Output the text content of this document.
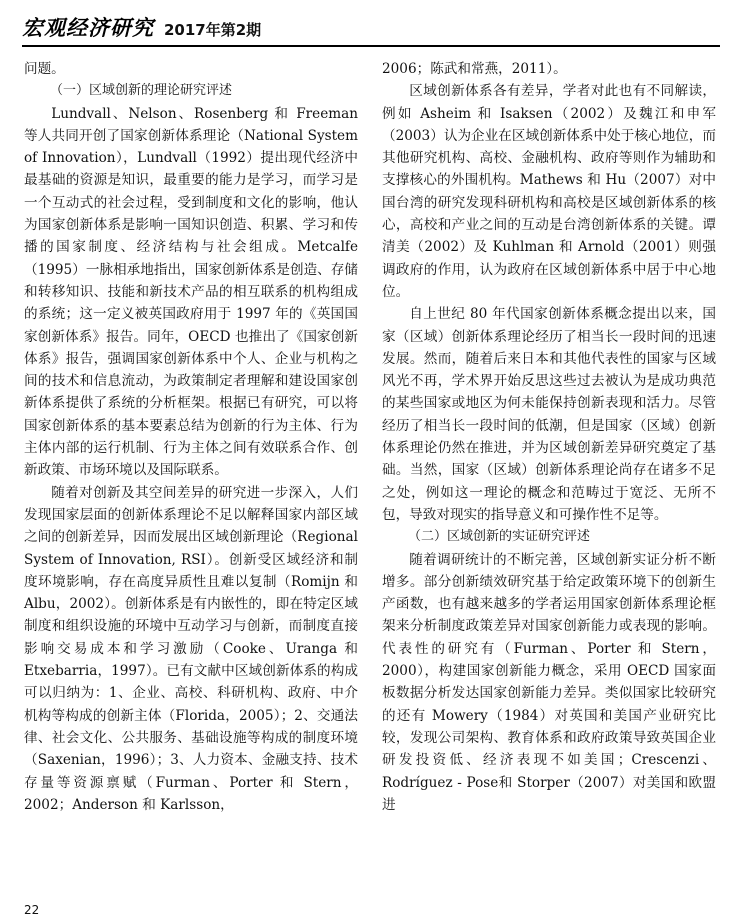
宏观经济研究 2017年第2期

问题。

（一）区域创新的理论研究评述

Lundvall、Nelson、Rosenberg 和 Freeman 等人共同开创了国家创新体系理论（National System of Innovation），Lundvall（1992）提出现代经济中最基础的资源是知识，最重要的能力是学习，而学习是一个互动式的社会过程，受到制度和文化的影响，他认为国家创新体系是影响一国知识创造、积累、学习和传播的国家制度、经济结构与社会组成。Metcalfe（1995）一脉相承地指出，国家创新体系是创造、存储和转移知识、技能和新技术产品的相互联系的机构组成的系统；这一定义被英国政府用于 1997 年的《英国国家创新体系》报告。同年，OECD 也推出了《国家创新体系》报告，强调国家创新体系中个人、企业与机构之间的技术和信息流动，为政策制定者理解和建设国家创新体系提供了系统的分析框架。根据已有研究，可以将国家创新体系的基本要素总结为创新的行为主体、行为主体内部的运行机制、行为主体之间有效联系合作、创新政策、市场环境以及国际联系。

随着对创新及其空间差异的研究进一步深入，人们发现国家层面的创新体系理论不足以解释国家内部区域之间的创新差异，因而发展出区域创新理论（Regional System of Innovation, RSI）。创新受区域经济和制度环境影响，存在高度异质性且难以复制（Romijn 和 Albu，2002）。创新体系是有内嵌性的，即在特定区域制度和组织设施的环境中互动学习与创新，而制度直接影响交易成本和学习激励（Cooke、Uranga 和 Etxebarria，1997）。已有文献中区域创新体系的构成可以归纳为：1、企业、高校、科研机构、政府、中介机构等构成的创新主体（Florida，2005）；2、交通法律、社会文化、公共服务、基础设施等构成的制度环境（Saxenian，1996）；3、人力资本、金融支持、技术存量等资源禀赋（Furman、Porter 和 Stern，2002；Anderson 和 Karlsson，

2006；陈武和常燕，2011）。

区域创新体系各有差异，学者对此也有不同解读，例如 Asheim 和 Isaksen（2002）及魏江和申军（2003）认为企业在区域创新体系中处于核心地位，而其他研究机构、高校、金融机构、政府等则作为辅助和支撑核心的外围机构。Mathews 和 Hu（2007）对中国台湾的研究发现科研机构和高校是区域创新体系的核心，高校和产业之间的互动是台湾创新体系的关键。谭清美（2002）及 Kuhlman 和 Arnold（2001）则强调政府的作用，认为政府在区域创新体系中居于中心地位。

自上世纪 80 年代国家创新体系概念提出以来，国家（区域）创新体系理论经历了相当长一段时间的迅速发展。然而，随着后来日本和其他代表性的国家与区域风光不再，学术界开始反思这些过去被认为是成功典范的某些国家或地区为何未能保持创新表现和活力。尽管经历了相当长一段时间的低潮，但是国家（区域）创新体系理论仍然在推进，并为区域创新差异研究奠定了基础。当然，国家（区域）创新体系理论尚存在诸多不足之处，例如这一理论的概念和范畴过于宽泛、无所不包，导致对现实的指导意义和可操作性不足等。

（二）区域创新的实证研究评述

随着调研统计的不断完善，区域创新实证分析不断增多。部分创新绩效研究基于给定政策环境下的创新生产函数，也有越来越多的学者运用国家创新体系理论框架来分析制度政策差异对国家创新能力或表现的影响。代表性的研究有（Furman、Porter 和 Stern，2000），构建国家创新能力概念，采用 OECD 国家面板数据分析发达国家创新能力差异。类似国家比较研究的还有 Mowery（1984）对英国和美国产业研究比较，发现公司架构、教育体系和政府政策导致英国企业研发投资低、经济表现不如美国；Crescenzi、Rodríguez - Pose和 Storper（2007）对美国和欧盟进

22
